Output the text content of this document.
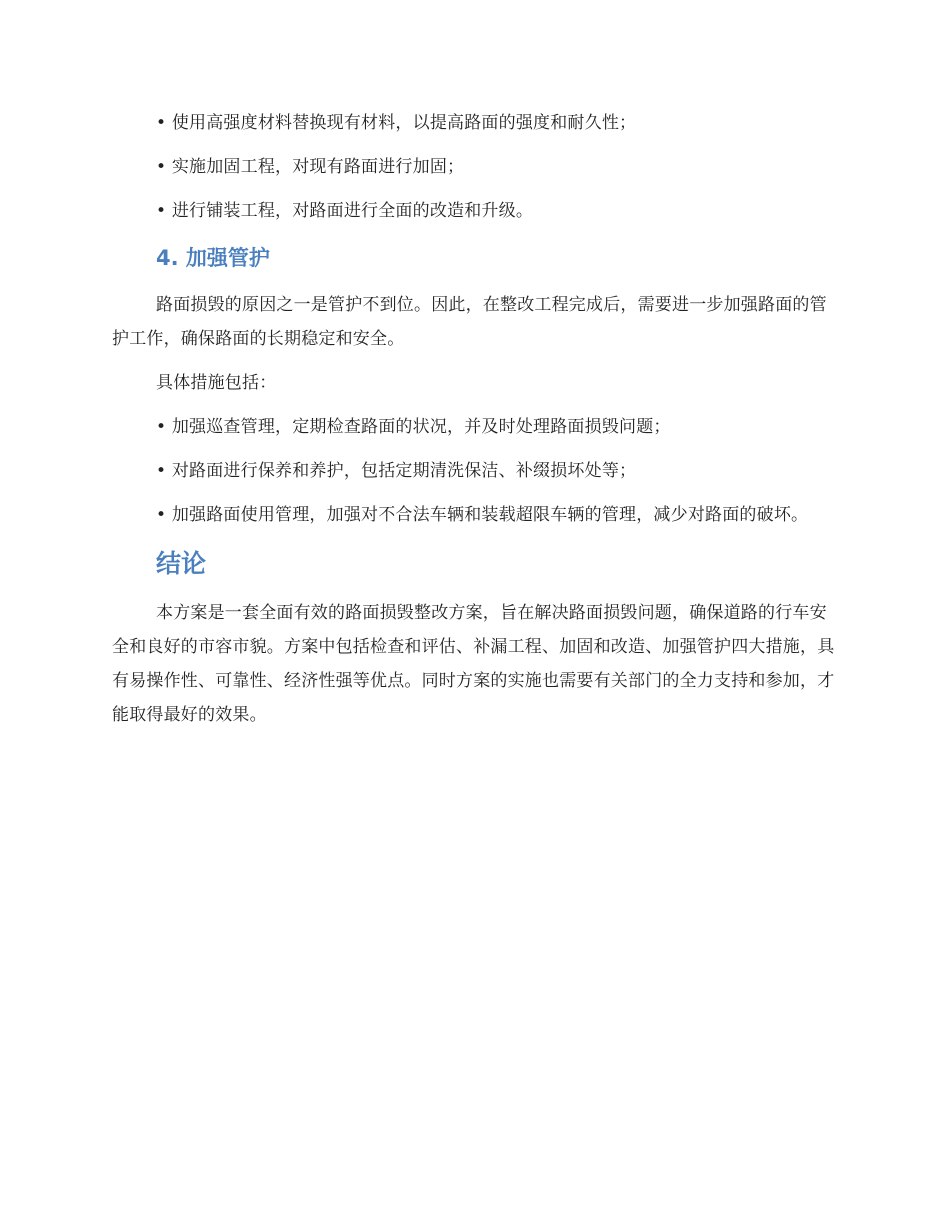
• 使用高强度材料替换现有材料，以提高路面的强度和耐久性；

• 实施加固工程，对现有路面进行加固；

• 进行铺装工程，对路面进行全面的改造和升级。

4. 加强管护

路面损毁的原因之一是管护不到位。因此，在整改工程完成后，需要进一步加强路面的管护工作，确保路面的长期稳定和安全。

具体措施包括：

• 加强巡查管理，定期检查路面的状况，并及时处理路面损毁问题；

• 对路面进行保养和养护，包括定期清洗保洁、补缀损坏处等；

• 加强路面使用管理，加强对不合法车辆和装载超限车辆的管理，减少对路面的破坏。

结论

本方案是一套全面有效的路面损毁整改方案，旨在解决路面损毁问题，确保道路的行车安全和良好的市容市貌。方案中包括检查和评估、补漏工程、加固和改造、加强管护四大措施，具有易操作性、可靠性、经济性强等优点。同时方案的实施也需要有关部门的全力支持和参加，才能取得最好的效果。
